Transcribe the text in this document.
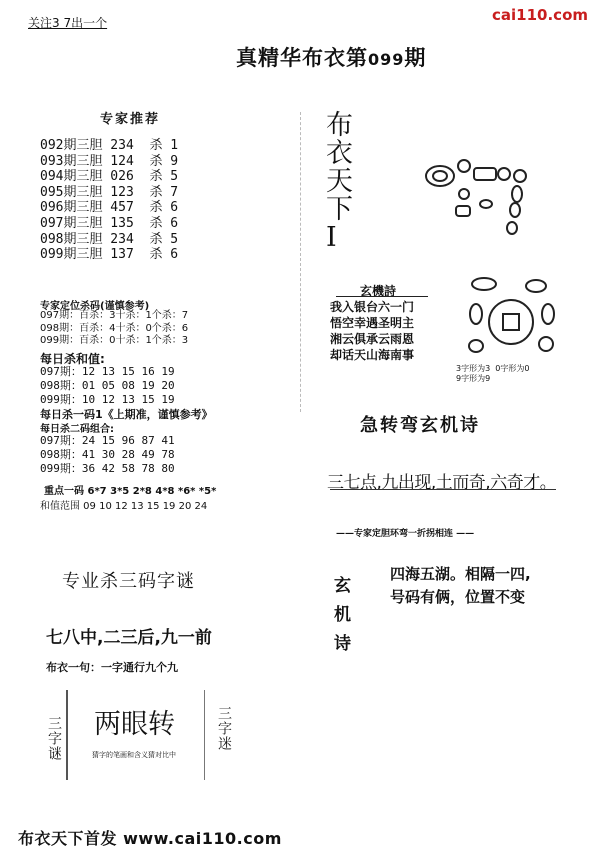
关注3 7出一个	cai110.com
真精华布衣第099期
专家推荐
092期三胆 234  杀 1
093期三胆 124  杀 9
094期三胆 026  杀 5
095期三胆 123  杀 7
096期三胆 457  杀 6
097期三胆 135  杀 6
098期三胆 234  杀 5
099期三胆 137  杀 6
专家定位杀码(谨慎参考)
097期：百杀：3十杀：1个杀：7
098期：百杀：4十杀：0个杀：6
099期：百杀：0十杀：1个杀：3
每日杀和值:
097期：12 13 15 16 19
098期：01 05 08 19 20
099期：10 12 13 15 19
每日杀一码1《上期准，谨慎参考》
每日杀二码组合:
097期：24 15 96 87 41
098期：41 30 28 49 78
099期：36 42 58 78 80
重点一码 6*7 3*5 2*8 4*8 *6* *5*
和值范围 09 10 12 13 15 19 20 24
专业杀三码字谜
七八中,二三后,九一前
布衣一句：一字通行九个九
三字谜 两眼转
猜字的笔画和含义猜对比中
三字迷
布
衣
天
下
I
玄機詩
我入银台六一门
悟空幸遇圣明主
湘云俱承云雨恩
却话天山海南事
3字形为3  0字形为0
9字形为9
急转弯玄机诗
三七点,九出现,土而奇,六奇才。
——专家定胆环弯一折拐相连 ——
玄
机
诗
四海五湖。相隔一四,
号码有俩，位置不变
布衣天下首发 www.cai110.com
